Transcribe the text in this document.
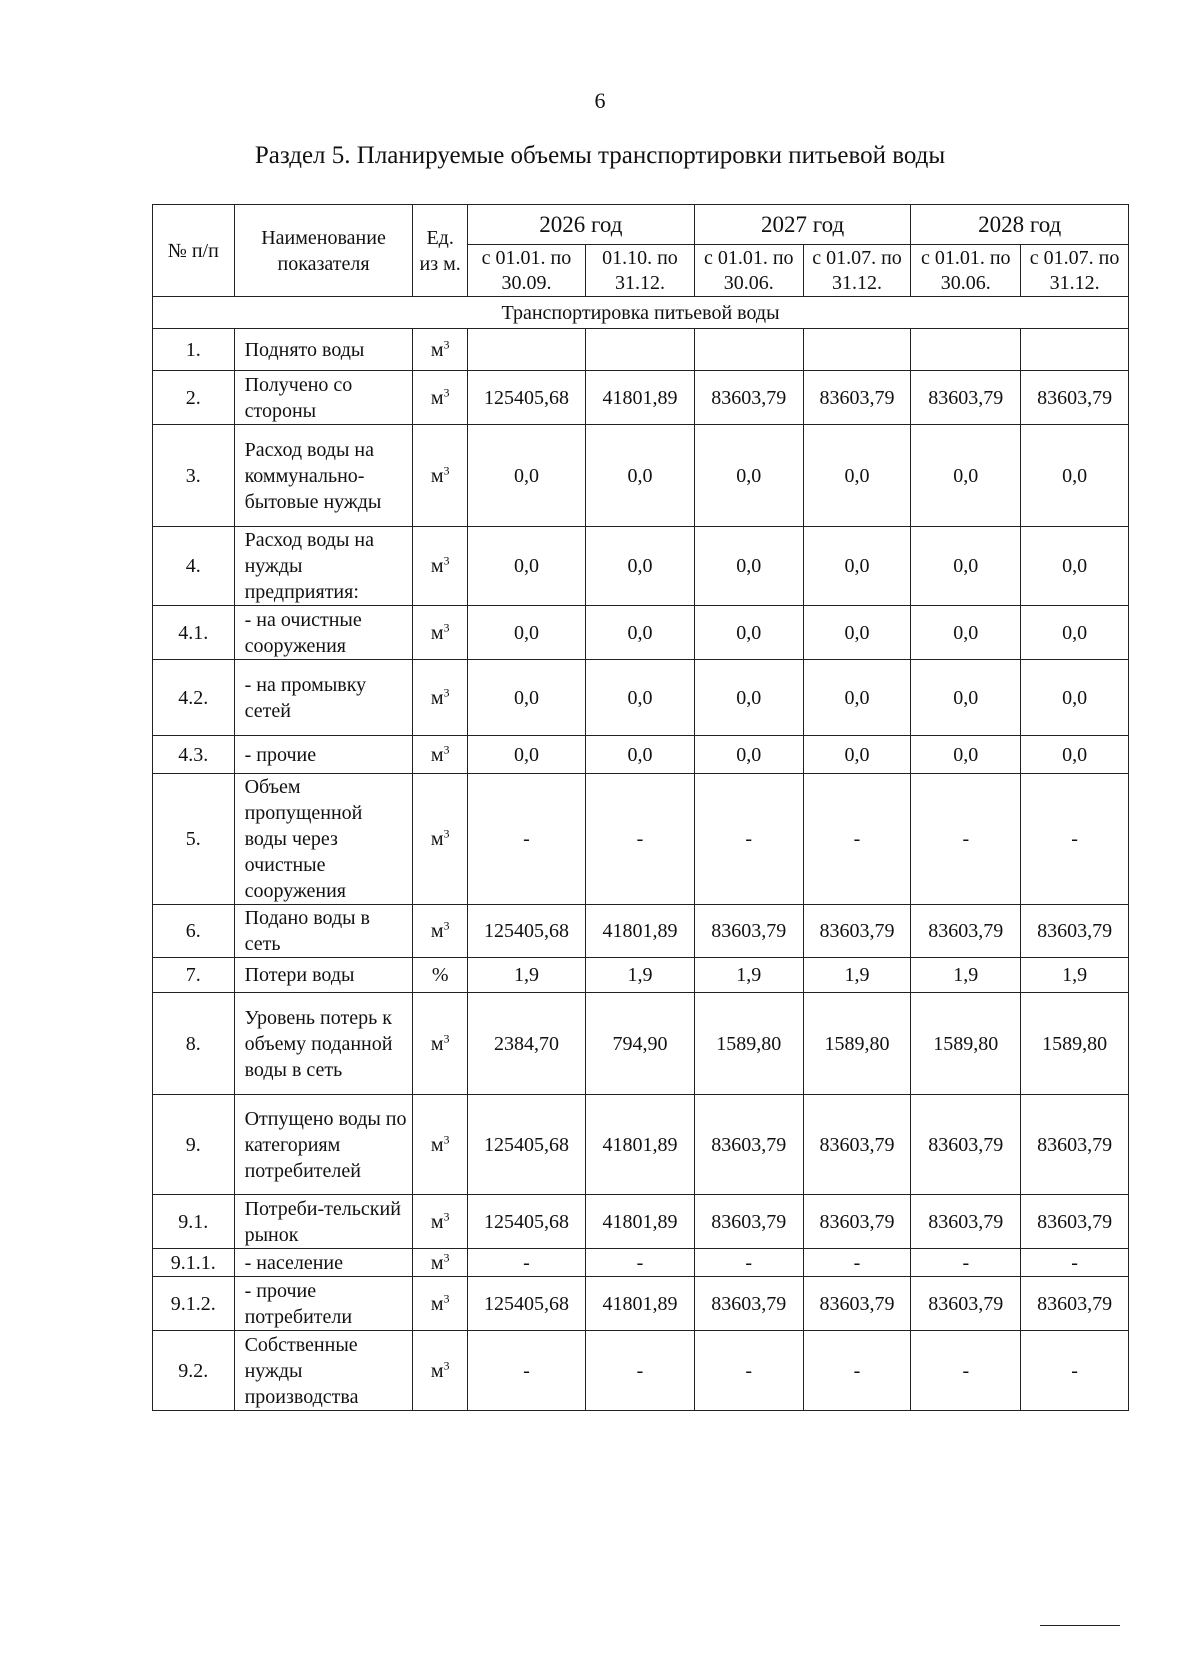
6
Раздел 5. Планируемые объемы транспортировки питьевой воды
№ п/п	Наименование показателя	Ед. из м.	2026 год		2027 год		2028 год	
			с 01.01. по 30.09.	01.10. по 31.12.	с 01.01. по 30.06.	с 01.07. по 31.12.	с 01.01. по 30.06.	с 01.07. по 31.12.
Транспортировка питьевой воды								
1.	Поднято воды	$м^3$						
2.	Получено со стороны	$м^3$	125405,68	41801,89	83603,79	83603,79	83603,79	83603,79
3.	Расход воды на коммунально-бытовые нужды	$м^3$	0,0	0,0	0,0	0,0	0,0	0,0
4.	Расход воды на нужды предприятия:	$м^3$	0,0	0,0	0,0	0,0	0,0	0,0
4.1.	- на очистные сооружения	$м^3$	0,0	0,0	0,0	0,0	0,0	0,0
4.2.	- на промывку сетей	$м^3$	0,0	0,0	0,0	0,0	0,0	0,0
4.3.	- прочие	$м^3$	0,0	0,0	0,0	0,0	0,0	0,0
5.	Объем пропущенной воды через очистные сооружения	$м^3$	-	-	-	-	-	-
6.	Подано воды в сеть	$м^3$	125405,68	41801,89	83603,79	83603,79	83603,79	83603,79
7.	Потери воды	%	1,9	1,9	1,9	1,9	1,9	1,9
8.	Уровень потерь к объему поданной воды в сеть	$м^3$	2384,70	794,90	1589,80	1589,80	1589,80	1589,80
9.	Отпущено воды по категориям потребителей	$м^3$	125405,68	41801,89	83603,79	83603,79	83603,79	83603,79
9.1.	Потреби-тельский рынок	$м^3$	125405,68	41801,89	83603,79	83603,79	83603,79	83603,79
9.1.1.	- население	$м^3$	-	-	-	-	-	-
9.1.2.	- прочие потребители	$м^3$	125405,68	41801,89	83603,79	83603,79	83603,79	83603,79
9.2.	Собственные нужды производства	$м^3$	-	-	-	-	-	-
